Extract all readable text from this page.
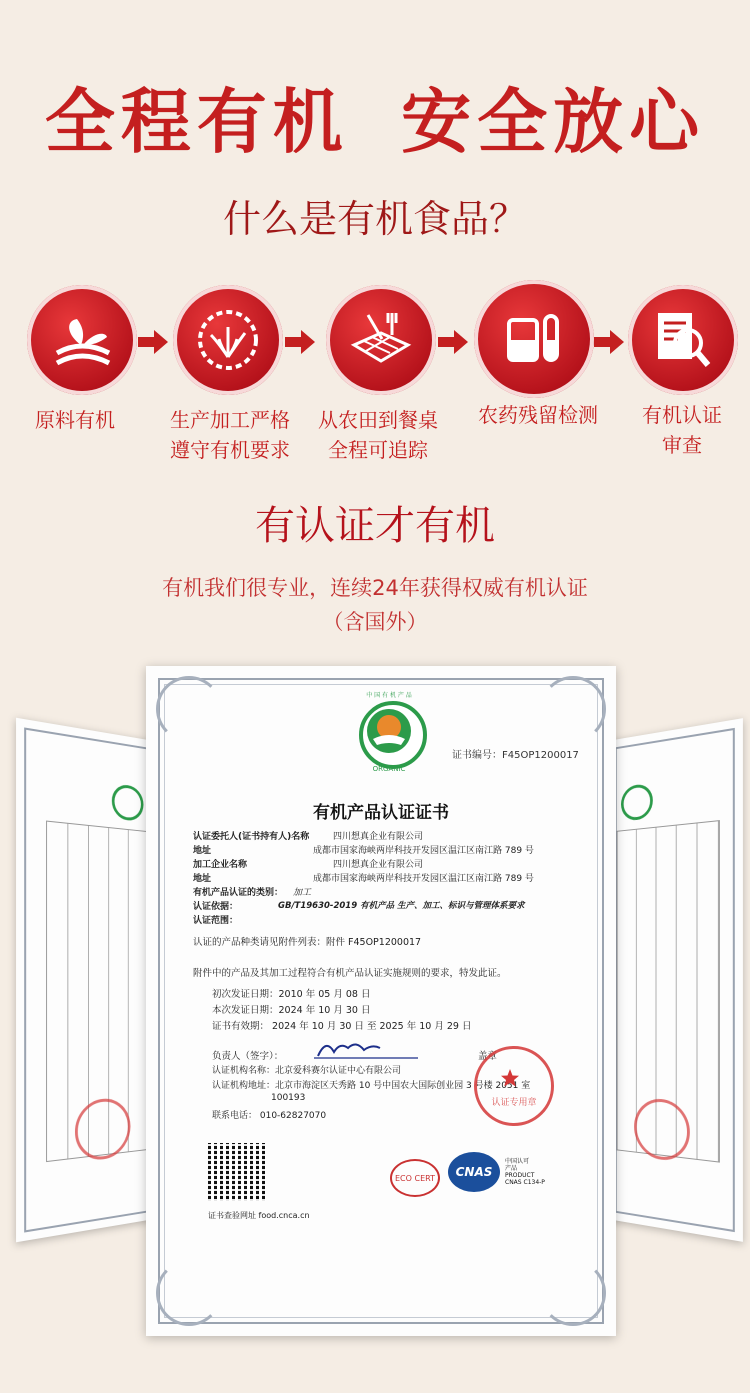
全程有机 安全放心
什么是有机食品？
原料有机	生产加工严格
遵守有机要求
从农田到餐桌
全程可追踪
农药残留检测	有机认证
审查
有认证才有机
有机我们很专业，连续24年获得权威有机认证
（含国外）
中 国 有 机 产 品
ORGANIC
证书编号：F45OP1200017
有机产品认证证书
认证委托人(证书持有人)名称	四川想真企业有限公司
地址	成都市国家海峡两岸科技开发园区温江区南江路 789 号
加工企业名称	四川想真企业有限公司
地址	成都市国家海峡两岸科技开发园区温江区南江路 789 号
有机产品认证的类别： 加工
认证依据：	GB/T19630-2019 有机产品 生产、加工、标识与管理体系要求
认证范围：
认证的产品种类请见附件列表：附件 F45OP1200017
附件中的产品及其加工过程符合有机产品认证实施规则的要求，特发此证。
初次发证日期：2010 年 05 月 08 日
本次发证日期：2024 年 10 月 30 日
证书有效期： 2024 年 10 月 30 日 至 2025 年 10 月 29 日
负责人（签字）：	盖章
认证机构名称：北京爱科赛尔认证中心有限公司
认证机构地址：北京市海淀区天秀路 10 号中国农大国际创业园 3 号楼 2051 室
100193
联系电话： 010-62827070
认证专用章
证书查验网址 food.cnca.cn
ECO CERT	CNAS
中国认可
产品
PRODUCT
CNAS C134-P
